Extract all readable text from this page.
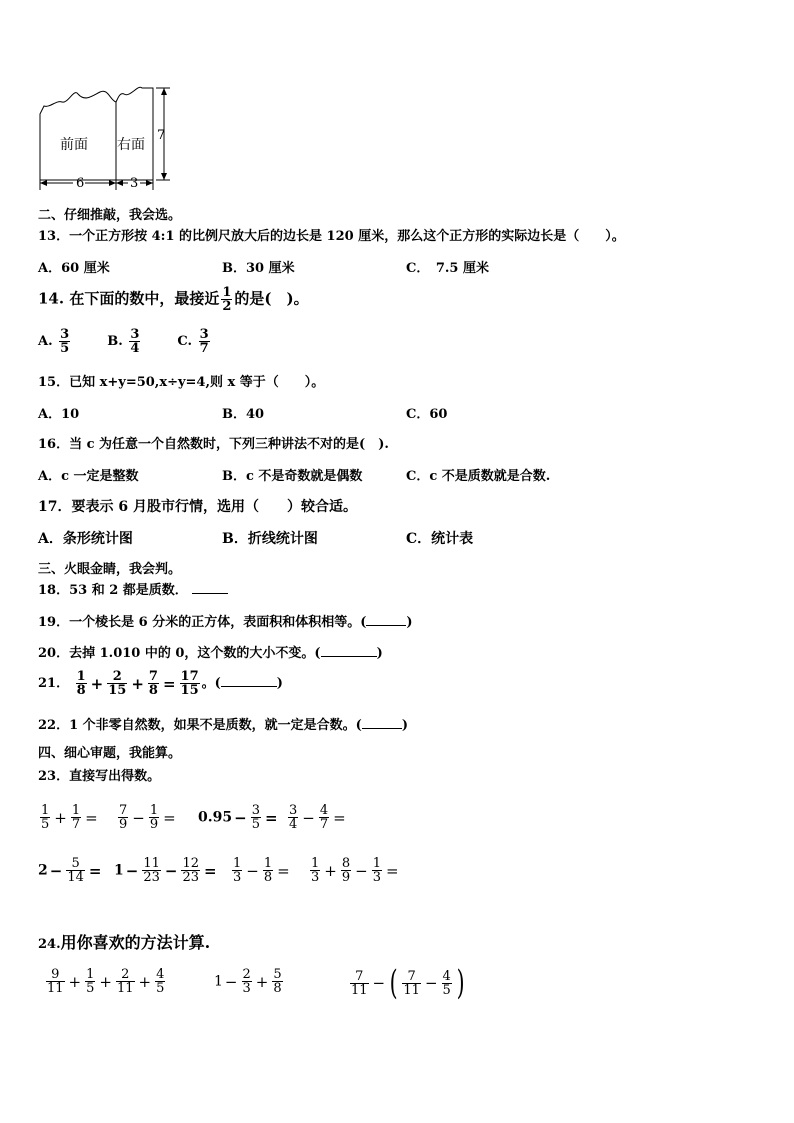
前面 右面
7
6	3
二、仔细推敲，我会选。
13．一个正方形按 4:1 的比例尺放大后的边长是 120 厘米，那么这个正方形的实际边长是（　　）。
A．60 厘米	B．30 厘米	C．　7.5 厘米
14. 在下面的数中，最接近 $\frac{1}{2}$ 的是(　)。
A. $\frac{3}{5}$	B. $\frac{3}{4}$	C. $\frac{3}{7}$
15．已知 x+y=50,x÷y=4,则 x 等于（　　）。
A．10	B．40	C．60
16．当 c 为任意一个自然数时，下列三种讲法不对的是(　).
A．c 一定是整数	B．c 不是奇数就是偶数	C．c 不是质数就是合数.
17．要表示 6 月股市行情，选用（　　）较合适。
A．条形统计图	B．折线统计图	C．统计表
三、火眼金睛，我会判。
18．53 和 2 都是质数．
19．一个棱长是 6 分米的正方体，表面积和体积相等。(	)
20．去掉 1.010 中的 0，这个数的大小不变。(	)
21． $\frac{1}{8} + \frac{2}{15} + \frac{7}{8} = \frac{17}{15}$ 。(	)
22．1 个非零自然数，如果不是质数，就一定是合数。(	)
四、细心审题，我能算。
23．直接写出得数。
$\frac{1}{5} + \frac{1}{7} = \frac{7}{9} - \frac{1}{9} = 0.95 - \frac{3}{5} = \frac{3}{4} - \frac{4}{7}$ =
$2 - \frac{5}{14} = 1 - \frac{11}{23} - \frac{12}{23} = \frac{1}{3} - \frac{1}{8} = \frac{1}{3} + \frac{8}{9} - \frac{1}{3}$ =
24.用你喜欢的方法计算.
$\frac{9}{11} + \frac{1}{5} + \frac{2}{11} + \frac{4}{5}$	$1 - \frac{2}{3} + \frac{5}{8}$	$\frac{7}{11}$ − ( $\frac{7}{11} - \frac{4}{5}$ )
